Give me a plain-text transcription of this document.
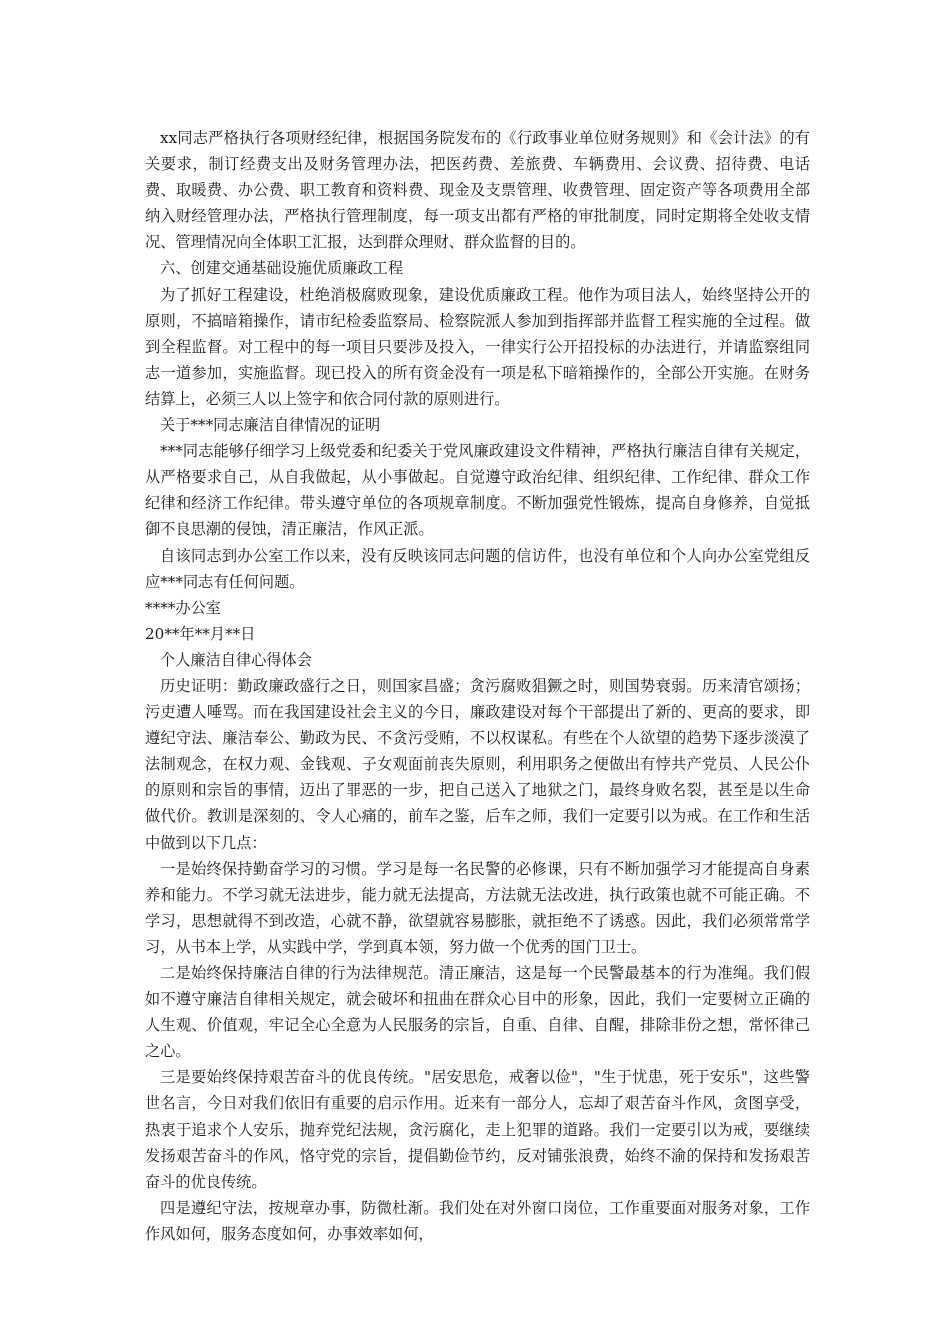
xx同志严格执行各项财经纪律，根据国务院发布的《行政事业单位财务规则》和《会计法》的有关要求，制订经费支出及财务管理办法，把医药费、差旅费、车辆费用、会议费、招待费、电话费、取暖费、办公费、职工教育和资料费、现金及支票管理、收费管理、固定资产等各项费用全部纳入财经管理办法，严格执行管理制度，每一项支出都有严格的审批制度，同时定期将全处收支情况、管理情况向全体职工汇报，达到群众理财、群众监督的目的。

六、创建交通基础设施优质廉政工程

为了抓好工程建设，杜绝消极腐败现象，建设优质廉政工程。他作为项目法人，始终坚持公开的原则，不搞暗箱操作，请市纪检委监察局、检察院派人参加到指挥部并监督工程实施的全过程。做到全程监督。对工程中的每一项目只要涉及投入，一律实行公开招投标的办法进行，并请监察组同志一道参加，实施监督。现已投入的所有资金没有一项是私下暗箱操作的，全部公开实施。在财务结算上，必须三人以上签字和依合同付款的原则进行。

关于***同志廉洁自律情况的证明

***同志能够仔细学习上级党委和纪委关于党风廉政建设文件精神，严格执行廉洁自律有关规定，从严格要求自己，从自我做起，从小事做起。自觉遵守政治纪律、组织纪律、工作纪律、群众工作纪律和经济工作纪律。带头遵守单位的各项规章制度。不断加强党性锻炼，提高自身修养，自觉抵御不良思潮的侵蚀，清正廉洁，作风正派。

自该同志到办公室工作以来，没有反映该同志问题的信访件，也没有单位和个人向办公室党组反应***同志有任何问题。

****办公室

20**年**月**日

个人廉洁自律心得体会

历史证明：勤政廉政盛行之日，则国家昌盛；贪污腐败猖獗之时，则国势衰弱。历来清官颂扬；污吏遭人唾骂。而在我国建设社会主义的今日，廉政建设对每个干部提出了新的、更高的要求，即遵纪守法、廉洁奉公、勤政为民、不贪污受贿，不以权谋私。有些在个人欲望的趋势下逐步淡漠了法制观念，在权力观、金钱观、子女观面前丧失原则，利用职务之便做出有悖共产党员、人民公仆的原则和宗旨的事情，迈出了罪恶的一步，把自己送入了地狱之门，最终身败名裂，甚至是以生命做代价。教训是深刻的、令人心痛的，前车之鉴，后车之师，我们一定要引以为戒。在工作和生活中做到以下几点：

一是始终保持勤奋学习的习惯。学习是每一名民警的必修课，只有不断加强学习才能提高自身素养和能力。不学习就无法进步，能力就无法提高，方法就无法改进，执行政策也就不可能正确。不学习，思想就得不到改造，心就不静，欲望就容易膨胀，就拒绝不了诱惑。因此，我们必须常常学习，从书本上学，从实践中学，学到真本领，努力做一个优秀的国门卫士。

二是始终保持廉洁自律的行为法律规范。清正廉洁，这是每一个民警最基本的行为准绳。我们假如不遵守廉洁自律相关规定，就会破坏和扭曲在群众心目中的形象，因此，我们一定要树立正确的人生观、价值观，牢记全心全意为人民服务的宗旨，自重、自律、自醒，排除非份之想，常怀律己之心。

三是要始终保持艰苦奋斗的优良传统。"居安思危，戒奢以俭"，"生于忧患，死于安乐"，这些警世名言，今日对我们依旧有重要的启示作用。近来有一部分人，忘却了艰苦奋斗作风，贪图享受，热衷于追求个人安乐，抛弃党纪法规，贪污腐化，走上犯罪的道路。我们一定要引以为戒，要继续发扬艰苦奋斗的作风，恪守党的宗旨，提倡勤俭节约，反对铺张浪费，始终不渝的保持和发扬艰苦奋斗的优良传统。

四是遵纪守法，按规章办事，防微杜渐。我们处在对外窗口岗位，工作重要面对服务对象，工作作风如何，服务态度如何，办事效率如何，
